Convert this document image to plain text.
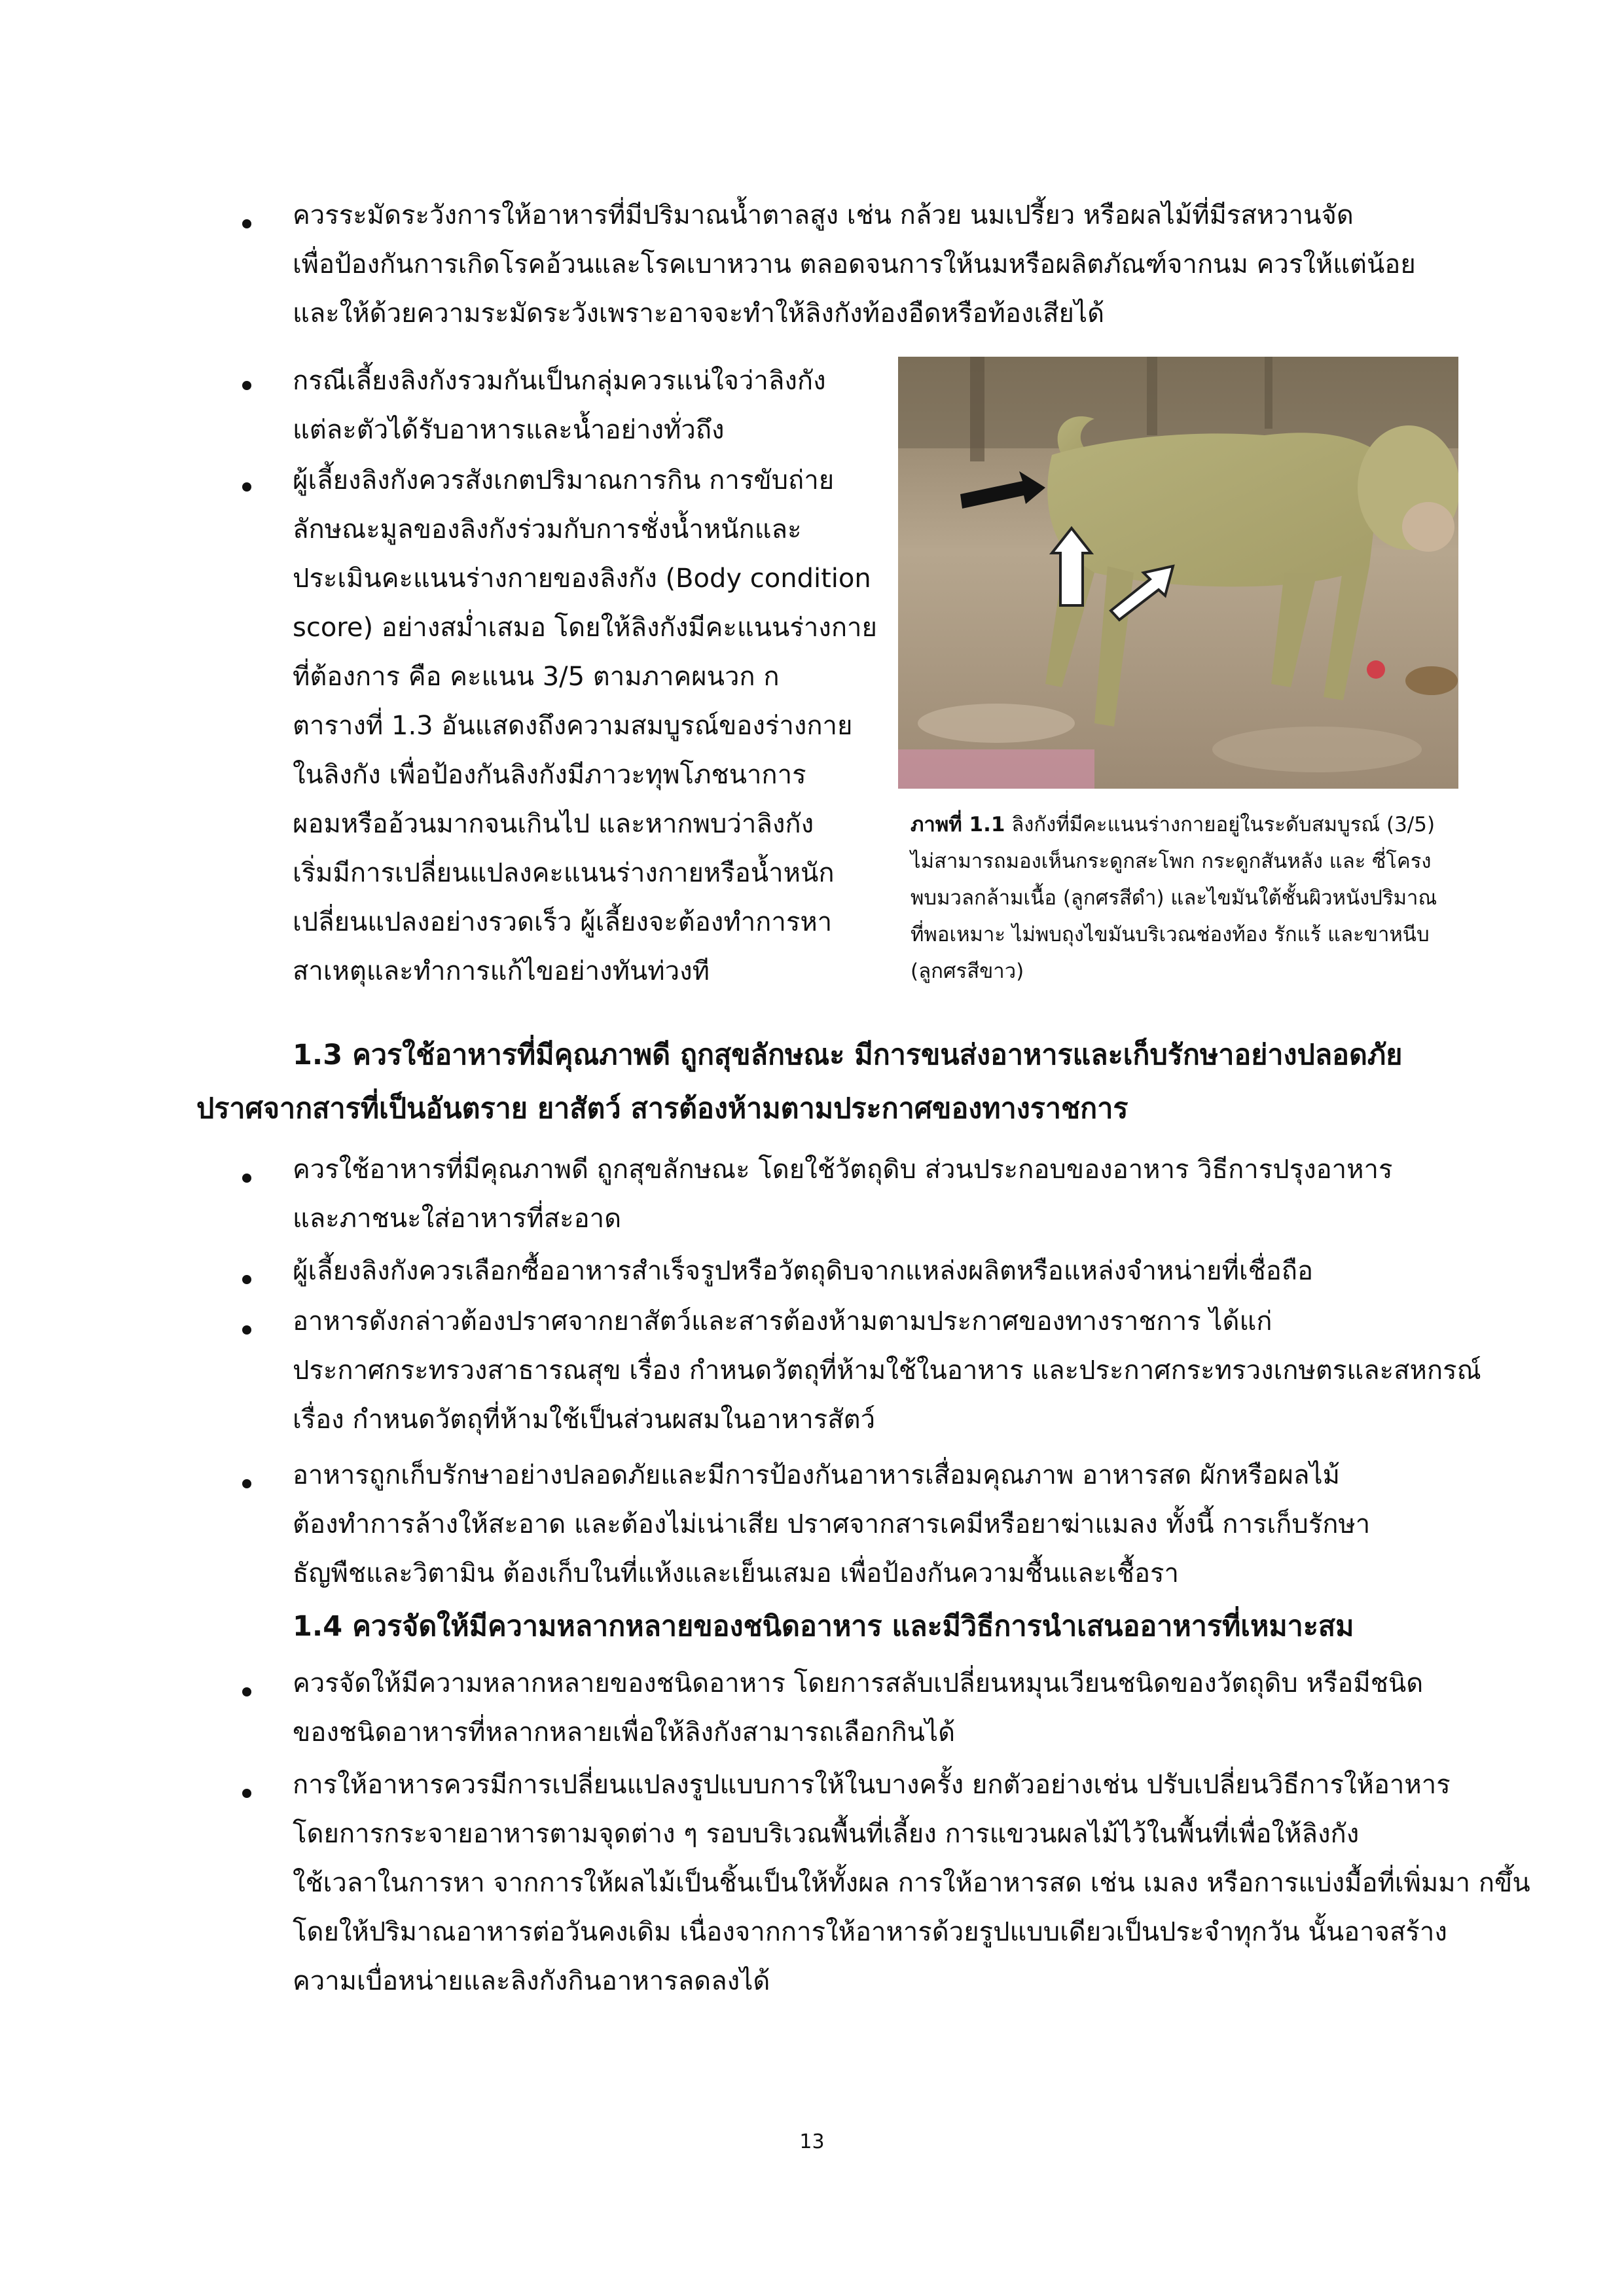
ควรระมัดระวังการให้อาหารที่มีปริมาณน้ำตาลสูง เช่น กล้วย นมเปรี้ยว หรือผลไม้ที่มีรสหวานจัด
เพื่อป้องกันการเกิดโรคอ้วนและโรคเบาหวาน ตลอดจนการให้นมหรือผลิตภัณฑ์จากนม ควรให้แต่น้อย
และให้ด้วยความระมัดระวังเพราะอาจจะทำให้ลิงกังท้องอืดหรือท้องเสียได้
กรณีเลี้ยงลิงกังรวมกันเป็นกลุ่มควรแน่ใจว่าลิงกัง
แต่ละตัวได้รับอาหารและน้ำอย่างทั่วถึง
ผู้เลี้ยงลิงกังควรสังเกตปริมาณการกิน การขับถ่าย
ลักษณะมูลของลิงกังร่วมกับการชั่งน้ำหนักและ
ประเมินคะแนนร่างกายของลิงกัง (Body condition
score) อย่างสม่ำเสมอ โดยให้ลิงกังมีคะแนนร่างกาย
ที่ต้องการ คือ คะแนน 3/5 ตามภาคผนวก ก
ตารางที่ 1.3 อันแสดงถึงความสมบูรณ์ของร่างกาย
ในลิงกัง เพื่อป้องกันลิงกังมีภาวะทุพโภชนาการ
ผอมหรืออ้วนมากจนเกินไป และหากพบว่าลิงกัง
เริ่มมีการเปลี่ยนแปลงคะแนนร่างกายหรือน้ำหนัก
เปลี่ยนแปลงอย่างรวดเร็ว ผู้เลี้ยงจะต้องทำการหา
สาเหตุและทำการแก้ไขอย่างทันท่วงที
ภาพที่ 1.1 ลิงกังที่มีคะแนนร่างกายอยู่ในระดับสมบูรณ์ (3/5)
ไม่สามารถมองเห็นกระดูกสะโพก กระดูกสันหลัง และ ซี่โครง
พบมวลกล้ามเนื้อ (ลูกศรสีดำ) และไขมันใต้ชั้นผิวหนังปริมาณ
ที่พอเหมาะ ไม่พบถุงไขมันบริเวณช่องท้อง รักแร้ และขาหนีบ
(ลูกศรสีขาว)
1.3 ควรใช้อาหารที่มีคุณภาพดี ถูกสุขลักษณะ มีการขนส่งอาหารและเก็บรักษาอย่างปลอดภัย
ปราศจากสารที่เป็นอันตราย ยาสัตว์ สารต้องห้ามตามประกาศของทางราชการ
ควรใช้อาหารที่มีคุณภาพดี ถูกสุขลักษณะ โดยใช้วัตถุดิบ ส่วนประกอบของอาหาร วิธีการปรุงอาหาร
และภาชนะใส่อาหารที่สะอาด
ผู้เลี้ยงลิงกังควรเลือกซื้ออาหารสำเร็จรูปหรือวัตถุดิบจากแหล่งผลิตหรือแหล่งจำหน่ายที่เชื่อถือ
อาหารดังกล่าวต้องปราศจากยาสัตว์และสารต้องห้ามตามประกาศของทางราชการ ได้แก่
ประกาศกระทรวงสาธารณสุข เรื่อง กำหนดวัตถุที่ห้ามใช้ในอาหาร และประกาศกระทรวงเกษตรและสหกรณ์
เรื่อง กำหนดวัตถุที่ห้ามใช้เป็นส่วนผสมในอาหารสัตว์
อาหารถูกเก็บรักษาอย่างปลอดภัยและมีการป้องกันอาหารเสื่อมคุณภาพ อาหารสด ผักหรือผลไม้
ต้องทำการล้างให้สะอาด และต้องไม่เน่าเสีย ปราศจากสารเคมีหรือยาฆ่าแมลง ทั้งนี้ การเก็บรักษา
ธัญพืชและวิตามิน ต้องเก็บในที่แห้งและเย็นเสมอ เพื่อป้องกันความชื้นและเชื้อรา
1.4 ควรจัดให้มีความหลากหลายของชนิดอาหาร และมีวิธีการนำเสนออาหารที่เหมาะสม
ควรจัดให้มีความหลากหลายของชนิดอาหาร โดยการสลับเปลี่ยนหมุนเวียนชนิดของวัตถุดิบ หรือมีชนิด
ของชนิดอาหารที่หลากหลายเพื่อให้ลิงกังสามารถเลือกกินได้
การให้อาหารควรมีการเปลี่ยนแปลงรูปแบบการให้ในบางครั้ง ยกตัวอย่างเช่น ปรับเปลี่ยนวิธีการให้อาหาร
โดยการกระจายอาหารตามจุดต่าง ๆ รอบบริเวณพื้นที่เลี้ยง การแขวนผลไม้ไว้ในพื้นที่เพื่อให้ลิงกัง
ใช้เวลาในการหา จากการให้ผลไม้เป็นชิ้นเป็นให้ทั้งผล การให้อาหารสด เช่น เมลง หรือการแบ่งมื้อที่เพิ่มมา กขึ้น
โดยให้ปริมาณอาหารต่อวันคงเดิม เนื่องจากการให้อาหารด้วยรูปแบบเดียวเป็นประจำทุกวัน นั้นอาจสร้าง
ความเบื่อหน่ายและลิงกังกินอาหารลดลงได้
13
